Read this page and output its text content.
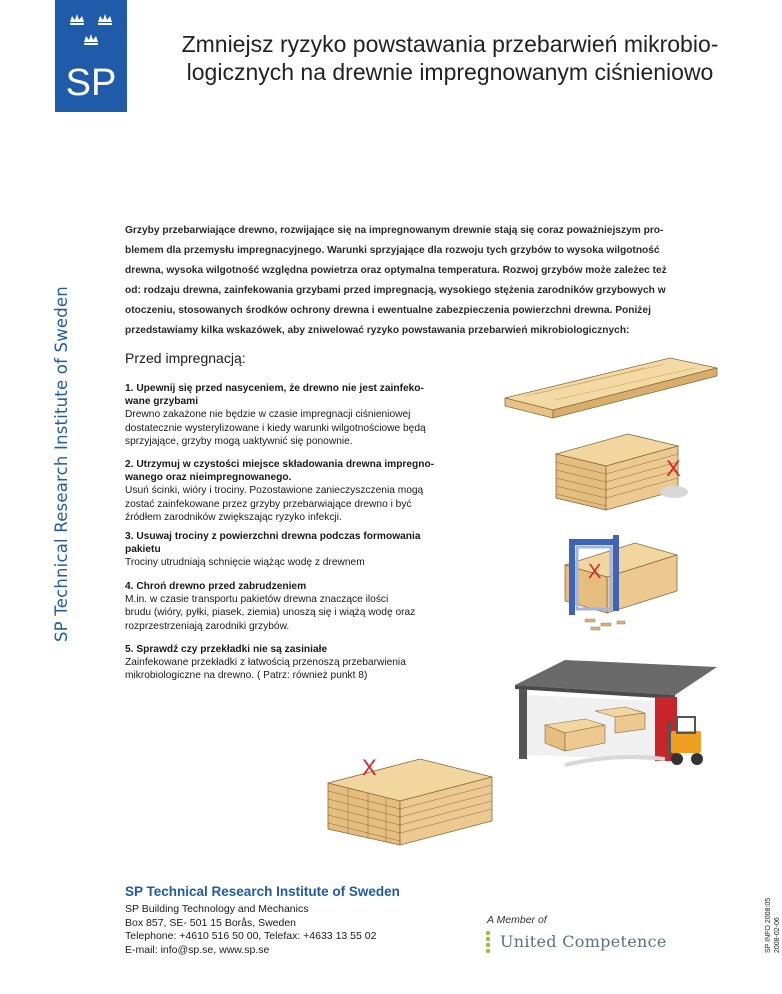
SP
SP Technical Research Institute of Sweden
Zmniejsz ryzyko powstawania przebarwień mikrobio-
logicznych na drewnie impregnowanym ciśnieniowo
Grzyby przebarwiające drewno, rozwijające się na impregnowanym drewnie stają się coraz poważniejszym pro-
blemem dla przemysłu impregnacyjnego. Warunki sprzyjające dla rozwoju tych grzybów to wysoka wilgotność
drewna, wysoka wilgotność względna powietrza oraz optymalna temperatura. Rozwoj grzybów może zależec też
od: rodzaju drewna, zainfekowania grzybami przed impregnacją, wysokiego stężenia zarodników grzybowych w
otoczeniu, stosowanych środków ochrony drewna i ewentualne zabezpieczenia powierzchni drewna. Poniżej
przedstawiamy kilka wskazówek, aby zniwelować ryzyko powstawania przebarwień mikrobiologicznych:
Przed impregnacją:
1. Upewnij się przed nasyceniem, że drewno nie jest zainfeko-
wane grzybami
Drewno zakażone nie będzie w czasie impregnacji ciśnieniowej
dostatecznie wysterylizowane i kiedy warunki wilgotnościowe będą
sprzyjające, grzyby mogą uaktywnić się ponownie.
2. Utrzymuj w czystości miejsce składowania drewna impregno-
wanego oraz nieimpregnowanego.
Usuń ścinki, wióry i trociny. Pozostawione zanieczyszczenia mogą
zostać zainfekowane przez grzyby przebarwiające drewno i być
źródłem zarodników zwiększając ryzyko infekcji.
3. Usuwaj trociny z powierzchni drewna podczas formowania
pakietu
Trociny utrudniają schnięcie wiążąc wodę z drewnem
4. Chroń drewno przed zabrudzeniem
M.in. w czasie transportu pakietów drewna znaczące ilości
brudu (wióry, pyłki, piasek, ziemia) unoszą się i wiążą wodę oraz
rozprzestrzeniają zarodniki grzybów.
5. Sprawdź czy przekładki nie są zasiniałe
Zainfekowane przekładki z łatwością przenoszą przebarwienia
mikrobiologiczne na drewno. ( Patrz: również punkt 8)
X
X
X
SP Technical Research Institute of Sweden
SP Building Technology and Mechanics
Box 857, SE- 501 15 Borås, Sweden
Telephone: +4610 516 50 00, Telefax: +4633 13 55 02
E-mail: info@sp.se, www.sp.se
A Member of
United Competence	SP INFO 2008:05 2008-02-06
